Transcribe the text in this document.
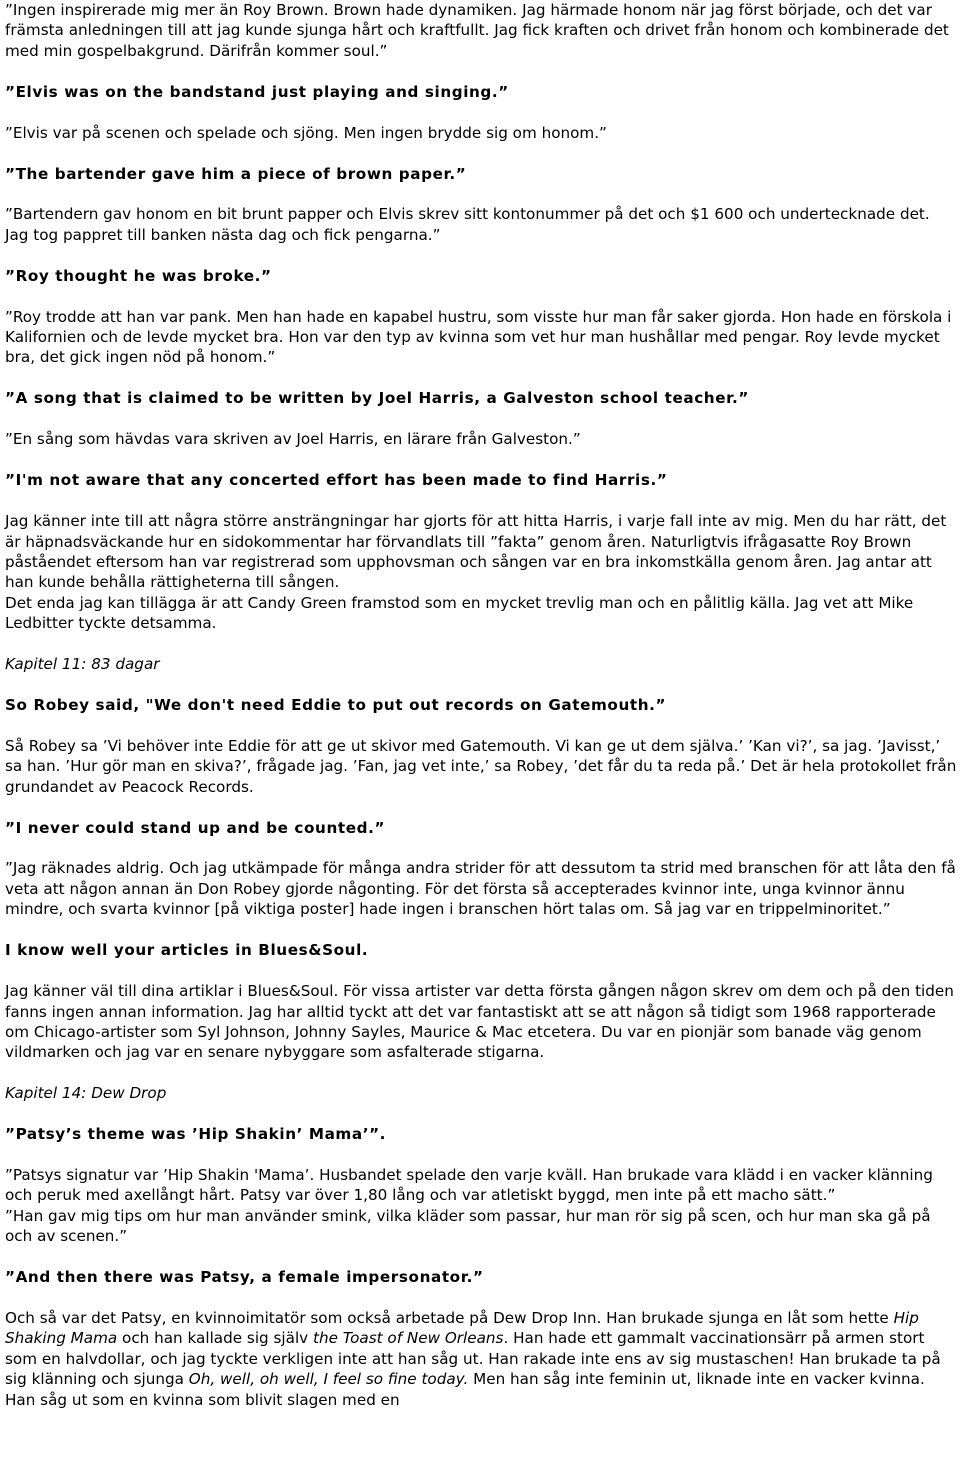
”Ingen inspirerade mig mer än Roy Brown. Brown hade dynamiken. Jag härmade honom när jag först började, och det var främsta anledningen till att jag kunde sjunga hårt och kraftfullt. Jag fick kraften och drivet från honom och kombinerade det med min gospelbakgrund. Därifrån kommer soul.”

”Elvis was on the bandstand just playing and singing.”

”Elvis var på scenen och spelade och sjöng. Men ingen brydde sig om honom.”

”The bartender gave him a piece of brown paper.”

”Bartendern gav honom en bit brunt papper och Elvis skrev sitt kontonummer på det och $1 600 och undertecknade det. Jag tog pappret till banken nästa dag och fick pengarna.”

”Roy thought he was broke.”

”Roy trodde att han var pank. Men han hade en kapabel hustru, som visste hur man får saker gjorda. Hon hade en förskola i Kalifornien och de levde mycket bra. Hon var den typ av kvinna som vet hur man hushållar med pengar. Roy levde mycket bra, det gick ingen nöd på honom.”

”A song that is claimed to be written by Joel Harris, a Galveston school teacher.”

”En sång som hävdas vara skriven av Joel Harris, en lärare från Galveston.”

”I'm not aware that any concerted effort has been made to find Harris.”

Jag känner inte till att några större ansträngningar har gjorts för att hitta Harris, i varje fall inte av mig. Men du har rätt, det är häpnadsväckande hur en sidokommentar har förvandlats till ”fakta” genom åren. Naturligtvis ifrågasatte Roy Brown påståendet eftersom han var registrerad som upphovsman och sången var en bra inkomstkälla genom åren. Jag antar att han kunde behålla rättigheterna till sången.

Det enda jag kan tillägga är att Candy Green framstod som en mycket trevlig man och en pålitlig källa. Jag vet att Mike Ledbitter tyckte detsamma.

Kapitel 11: 83 dagar

So Robey said, "We don't need Eddie to put out records on Gatemouth.”

Så Robey sa ’Vi behöver inte Eddie för att ge ut skivor med Gatemouth. Vi kan ge ut dem själva.’ ’Kan vi?’, sa jag. ’Javisst,’ sa han. ’Hur gör man en skiva?’, frågade jag. ’Fan, jag vet inte,’ sa Robey, ’det får du ta reda på.’ Det är hela protokollet från grundandet av Peacock Records.

”I never could stand up and be counted.”

”Jag räknades aldrig. Och jag utkämpade för många andra strider för att dessutom ta strid med branschen för att låta den få veta att någon annan än Don Robey gjorde någonting. För det första så accepterades kvinnor inte, unga kvinnor ännu mindre, och svarta kvinnor [på viktiga poster] hade ingen i branschen hört talas om. Så jag var en trippelminoritet.”

I know well your articles in Blues&Soul.

Jag känner väl till dina artiklar i Blues&Soul. För vissa artister var detta första gången någon skrev om dem och på den tiden fanns ingen annan information. Jag har alltid tyckt att det var fantastiskt att se att någon så tidigt som 1968 rapporterade om Chicago-artister som Syl Johnson, Johnny Sayles, Maurice & Mac etcetera. Du var en pionjär som banade väg genom vildmarken och jag var en senare nybyggare som asfalterade stigarna.

Kapitel 14: Dew Drop

”Patsy’s theme was ’Hip Shakin’ Mama’”.

”Patsys signatur var ’Hip Shakin 'Mama’. Husbandet spelade den varje kväll. Han brukade vara klädd i en vacker klänning och peruk med axellångt hårt. Patsy var över 1,80 lång och var atletiskt byggd, men inte på ett macho sätt.”

”Han gav mig tips om hur man använder smink, vilka kläder som passar, hur man rör sig på scen, och hur man ska gå på och av scenen.”

”And then there was Patsy, a female impersonator.”

Och så var det Patsy, en kvinnoimitatör som också arbetade på Dew Drop Inn. Han brukade sjunga en låt som hette Hip Shaking Mama och han kallade sig själv the Toast of New Orleans. Han hade ett gammalt vaccinationsärr på armen stort som en halvdollar, och jag tyckte verkligen inte att han såg ut. Han rakade inte ens av sig mustaschen! Han brukade ta på sig klänning och sjunga Oh, well, oh well, I feel so fine today. Men han såg inte feminin ut, liknade inte en vacker kvinna. Han såg ut som en kvinna som blivit slagen med en
